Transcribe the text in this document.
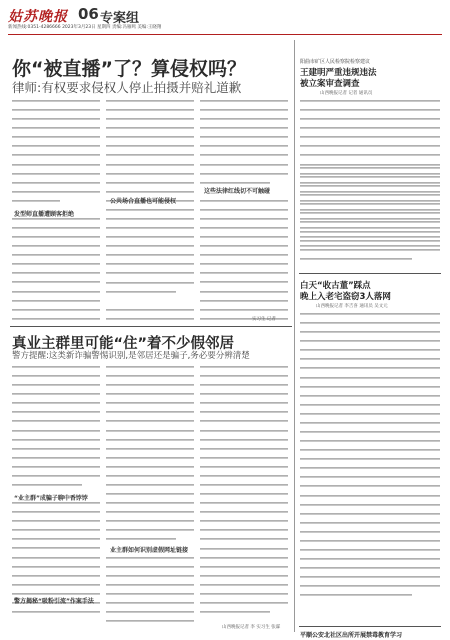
姑苏晚报 06 专案组
新闻热线:0351-4286666 2023年3月23日 星期四 责编:冯雁鸣 美编:王晓翔
你“被直播”了？算侵权吗？
律师:有权要求侵权人停止拍摄并赔礼道歉
发型师直播遭顾客拒绝
公共场合直播也可能侵权
这些法律红线切不可触碰
实习生 记者
阳曲市矿区人民检察院检察建议
王建明严重违规违法
被立案审查调查
山西晚报记者 记者 通讯员
白天“收古董”踩点
晚上入老宅盗窃3人落网
山西晚报记者 李吉喜 通讯员 吴文元
平顺公安北社区出所开展禁毒教育学习
真业主群里可能“住”着不少假邻居
警方提醒:这类新诈骗警惕识别,是邻居还是骗子,务必要分辨清楚
“业主群”成骗子聊中香饽饽
警方揭秘“吸粉引流”作案手法
业主群如何识别虚假网址链接
山西晚报记者 李 实习生 张霖
